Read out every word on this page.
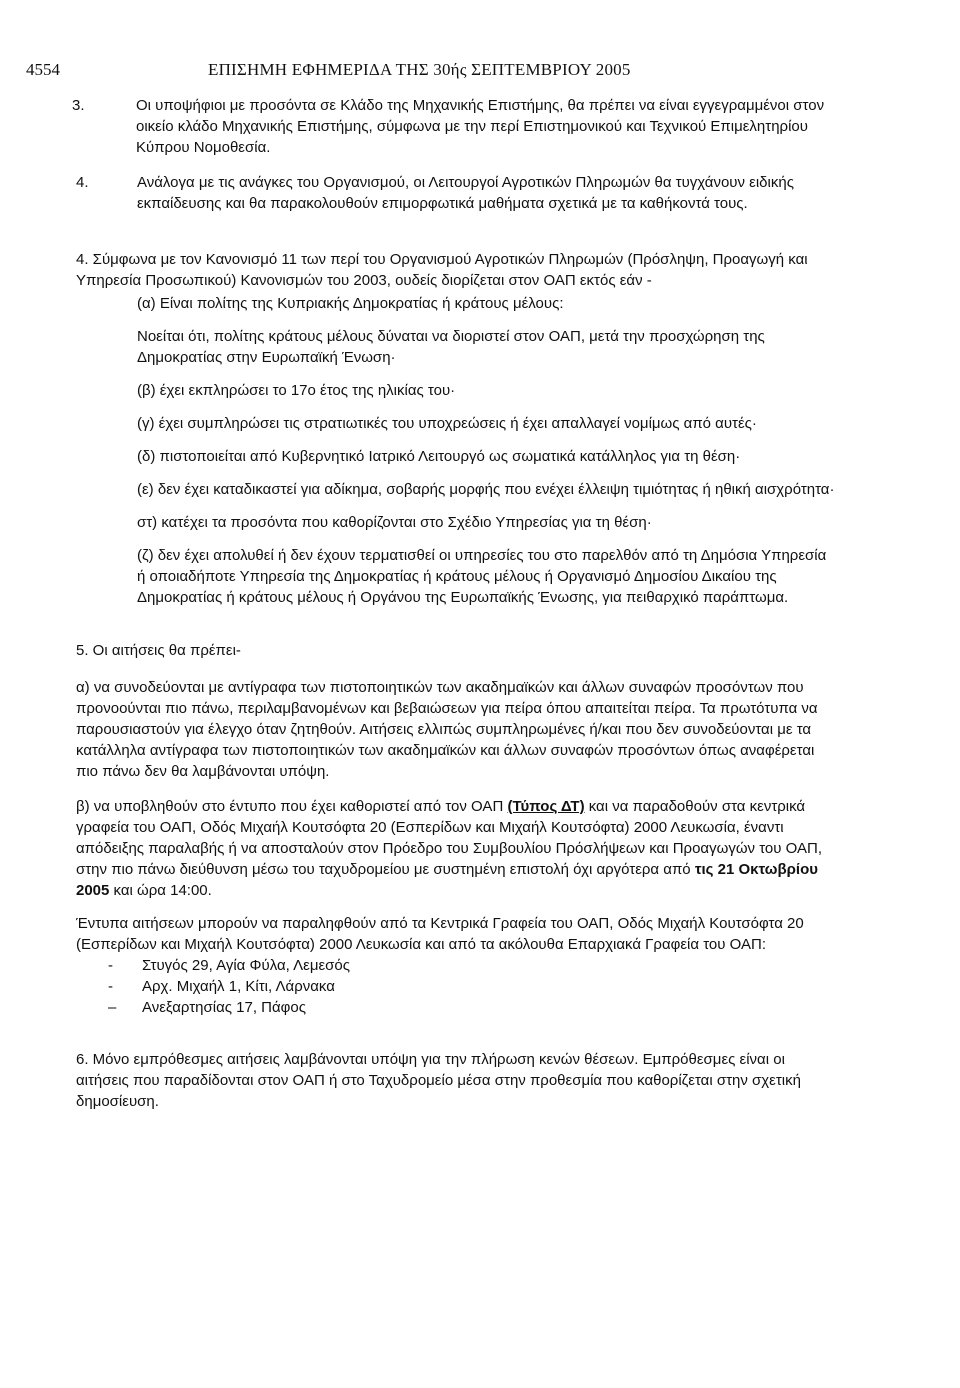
4554	ΕΠΙΣΗΜΗ ΕΦΗΜΕΡΙΔΑ ΤΗΣ 30ής ΣΕΠΤΕΜΒΡΙΟΥ 2005
3.	Οι υποψήφιοι με προσόντα σε Κλάδο της Μηχανικής Επιστήμης, θα πρέπει να είναι εγγεγραμμένοι στον οικείο κλάδο Μηχανικής Επιστήμης, σύμφωνα με την περί Επιστημονικού και Τεχνικού Επιμελητηρίου Κύπρου Νομοθεσία.

4.	Ανάλογα με τις ανάγκες του Οργανισμού, οι Λειτουργοί Αγροτικών Πληρωμών θα τυγχάνουν ειδικής εκπαίδευσης και θα παρακολουθούν επιμορφωτικά μαθήματα σχετικά με τα καθήκοντά τους.

4. Σύμφωνα με τον Κανονισμό 11 των περί του Οργανισμού Αγροτικών Πληρωμών (Πρόσληψη, Προαγωγή και Υπηρεσία Προσωπικού) Κανονισμών του 2003, ουδείς διορίζεται στον ΟΑΠ εκτός εάν -

(α) Είναι πολίτης της Κυπριακής Δημοκρατίας ή κράτους μέλους:

Νοείται ότι, πολίτης κράτους μέλους δύναται να διοριστεί στον ΟΑΠ, μετά την προσχώρηση της Δημοκρατίας στην Ευρωπαϊκή Ένωση·

(β) έχει εκπληρώσει το 17ο έτος της ηλικίας του·

(γ) έχει συμπληρώσει τις στρατιωτικές του υποχρεώσεις ή έχει απαλλαγεί νομίμως από αυτές·

(δ) πιστοποιείται από Κυβερνητικό Ιατρικό Λειτουργό ως σωματικά κατάλληλος για τη θέση·

(ε) δεν έχει καταδικαστεί για αδίκημα, σοβαρής μορφής που ενέχει έλλειψη τιμιότητας ή ηθική αισχρότητα·

στ) κατέχει τα προσόντα που καθορίζονται στο Σχέδιο Υπηρεσίας για τη θέση·

(ζ) δεν έχει απολυθεί ή δεν έχουν τερματισθεί οι υπηρεσίες του στο παρελθόν από τη Δημόσια Υπηρεσία ή οποιαδήποτε Υπηρεσία της Δημοκρατίας ή κράτους μέλους ή Οργανισμό Δημοσίου Δικαίου της Δημοκρατίας ή κράτους μέλους ή Οργάνου της Ευρωπαϊκής Ένωσης, για πειθαρχικό παράπτωμα.

5. Οι αιτήσεις θα πρέπει-

α) να συνοδεύονται με αντίγραφα των πιστοποιητικών των ακαδημαϊκών και άλλων συναφών προσόντων που προνοούνται πιο πάνω, περιλαμβανομένων και βεβαιώσεων για πείρα όπου απαιτείται πείρα. Τα πρωτότυπα να παρουσιαστούν για έλεγχο όταν ζητηθούν. Αιτήσεις ελλιπώς συμπληρωμένες ή/και που δεν συνοδεύονται με τα κατάλληλα αντίγραφα των πιστοποιητικών των ακαδημαϊκών και άλλων συναφών προσόντων όπως αναφέρεται πιο πάνω δεν θα λαμβάνονται υπόψη.

β) να υποβληθούν στο έντυπο που έχει καθοριστεί από τον ΟΑΠ (Τύπος ΔΤ) και να παραδοθούν στα κεντρικά γραφεία του ΟΑΠ, Οδός Μιχαήλ Κουτσόφτα 20 (Εσπερίδων και Μιχαήλ Κουτσόφτα) 2000 Λευκωσία, έναντι απόδειξης παραλαβής ή να αποσταλούν στον Πρόεδρο του Συμβουλίου Πρόσλήψεων και Προαγωγών του ΟΑΠ, στην πιο πάνω διεύθυνση μέσω του ταχυδρομείου με συστημένη επιστολή όχι αργότερα από τις 21 Οκτωβρίου 2005 και ώρα 14:00.

Έντυπα αιτήσεων μπορούν να παραληφθούν από τα Κεντρικά Γραφεία του ΟΑΠ, Οδός Μιχαήλ Κουτσόφτα 20 (Εσπερίδων και Μιχαήλ Κουτσόφτα) 2000 Λευκωσία και από τα ακόλουθα Επαρχιακά Γραφεία του ΟΑΠ:

-	Στυγός 29, Αγία Φύλα, Λεμεσός
-	Αρχ. Μιχαήλ 1, Κίτι, Λάρνακα
–	Ανεξαρτησίας 17, Πάφος

6. Μόνο εμπρόθεσμες αιτήσεις λαμβάνονται υπόψη για την πλήρωση κενών θέσεων. Εμπρόθεσμες είναι οι αιτήσεις που παραδίδονται στον ΟΑΠ ή στο Ταχυδρομείο μέσα στην προθεσμία που καθορίζεται στην σχετική δημοσίευση.
